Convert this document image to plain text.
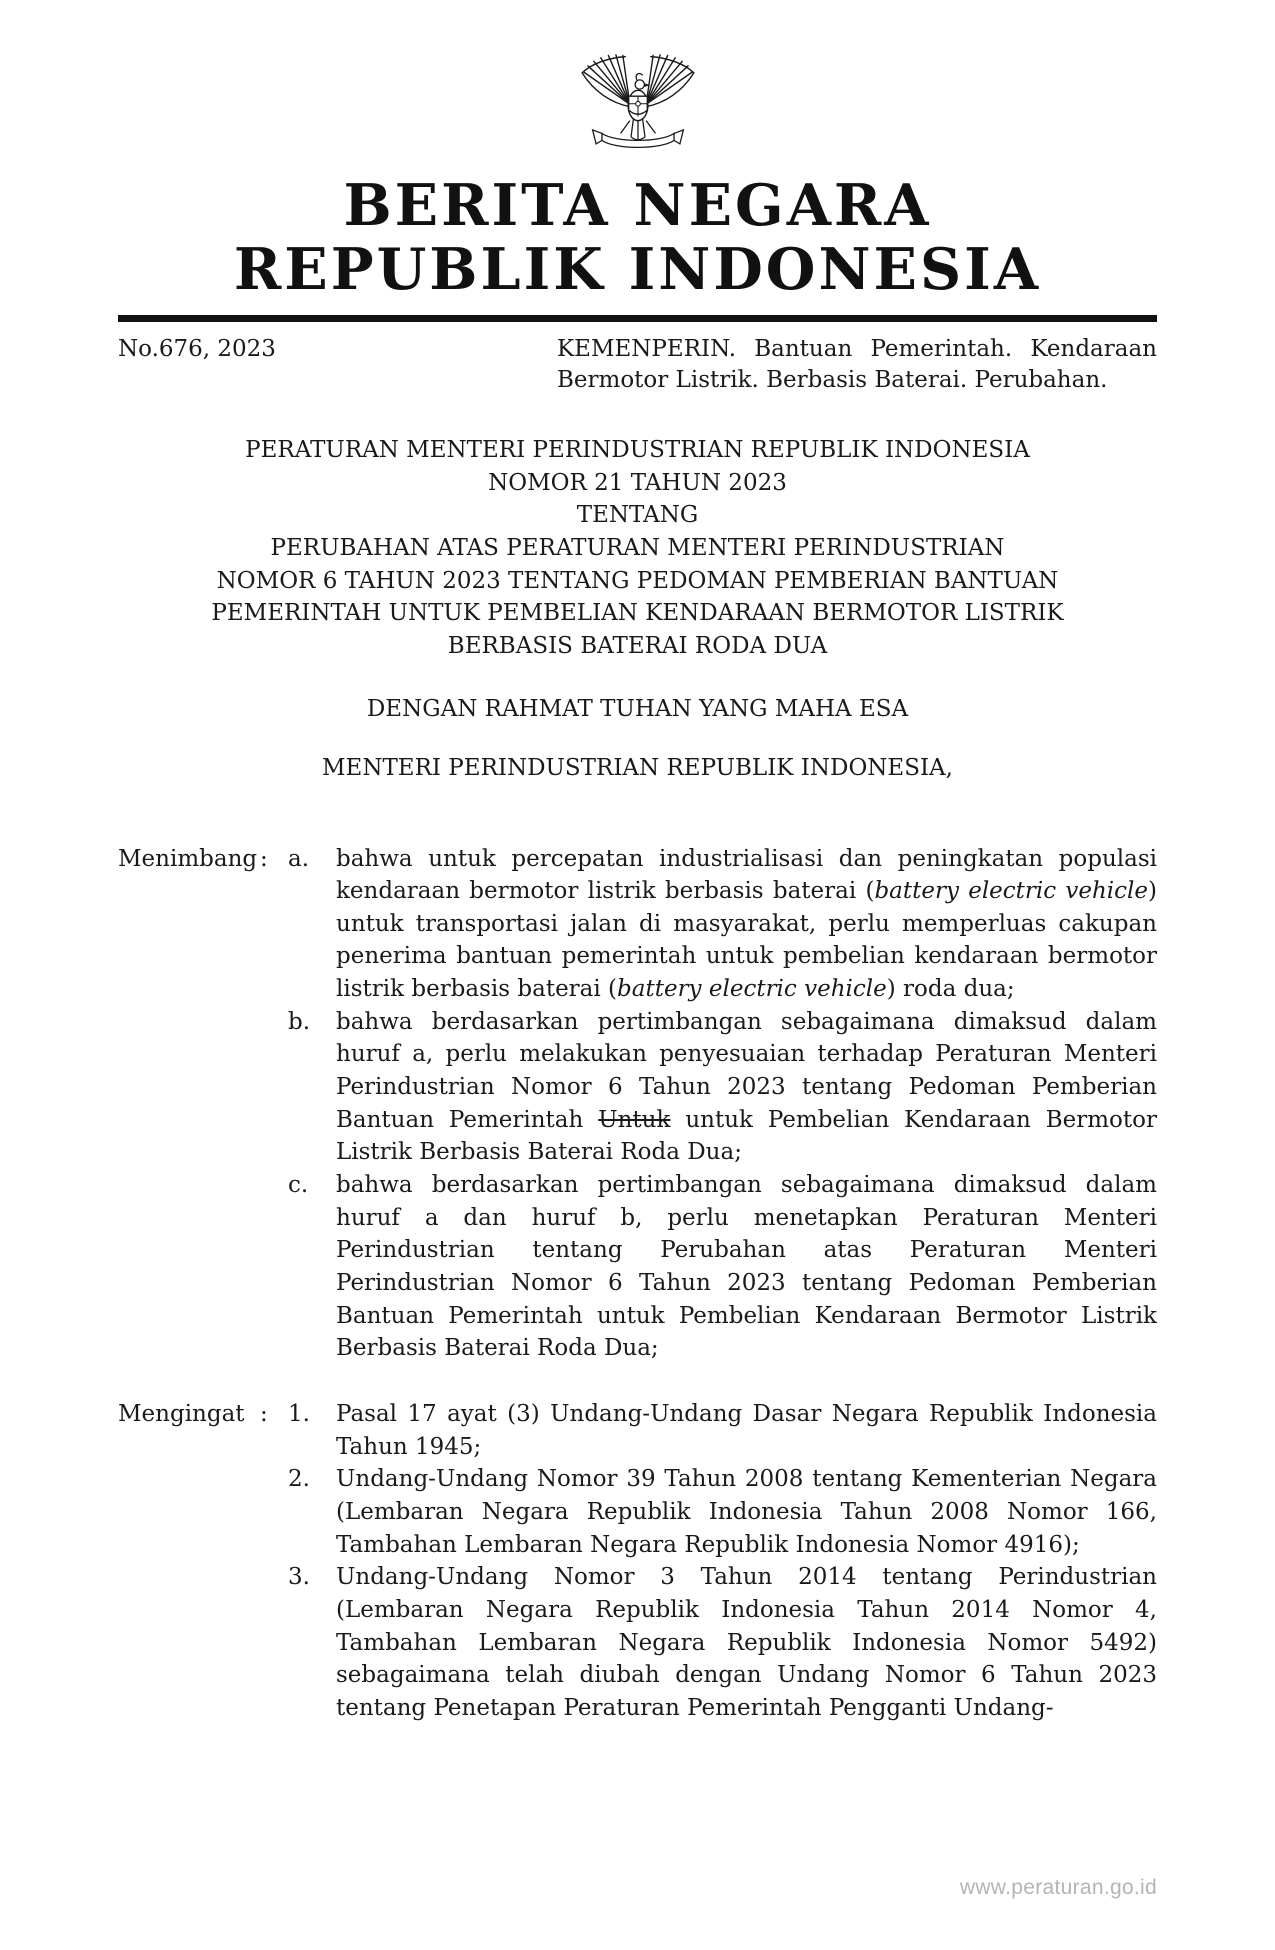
BERITA NEGARA
REPUBLIK INDONESIA
No.676, 2023	KEMENPERIN. Bantuan Pemerintah. Kendaraan Bermotor Listrik. Berbasis Baterai. Perubahan.
PERATURAN MENTERI PERINDUSTRIAN REPUBLIK INDONESIA
NOMOR 21 TAHUN 2023
TENTANG
PERUBAHAN ATAS PERATURAN MENTERI PERINDUSTRIAN
NOMOR 6 TAHUN 2023 TENTANG PEDOMAN PEMBERIAN BANTUAN
PEMERINTAH UNTUK PEMBELIAN KENDARAAN BERMOTOR LISTRIK
BERBASIS BATERAI RODA DUA
DENGAN RAHMAT TUHAN YANG MAHA ESA
MENTERI PERINDUSTRIAN REPUBLIK INDONESIA,
Menimbang : a.	bahwa untuk percepatan industrialisasi dan peningkatan populasi kendaraan bermotor listrik berbasis baterai (battery electric vehicle) untuk transportasi jalan di masyarakat, perlu memperluas cakupan penerima bantuan pemerintah untuk pembelian kendaraan bermotor listrik berbasis baterai (battery electric vehicle) roda dua;
b.	bahwa berdasarkan pertimbangan sebagaimana dimaksud dalam huruf a, perlu melakukan penyesuaian terhadap Peraturan Menteri Perindustrian Nomor 6 Tahun 2023 tentang Pedoman Pemberian Bantuan Pemerintah Untuk untuk Pembelian Kendaraan Bermotor Listrik Berbasis Baterai Roda Dua;
c.	bahwa berdasarkan pertimbangan sebagaimana dimaksud dalam huruf a dan huruf b, perlu menetapkan Peraturan Menteri Perindustrian tentang Perubahan atas Peraturan Menteri Perindustrian Nomor 6 Tahun 2023 tentang Pedoman Pemberian Bantuan Pemerintah untuk Pembelian Kendaraan Bermotor Listrik Berbasis Baterai Roda Dua;
Mengingat : 1.	Pasal 17 ayat (3) Undang-Undang Dasar Negara Republik Indonesia Tahun 1945;
2.	Undang-Undang Nomor 39 Tahun 2008 tentang Kementerian Negara (Lembaran Negara Republik Indonesia Tahun 2008 Nomor 166, Tambahan Lembaran Negara Republik Indonesia Nomor 4916);
3.	Undang-Undang Nomor 3 Tahun 2014 tentang Perindustrian (Lembaran Negara Republik Indonesia Tahun 2014 Nomor 4, Tambahan Lembaran Negara Republik Indonesia Nomor 5492) sebagaimana telah diubah dengan Undang Nomor 6 Tahun 2023 tentang Penetapan Peraturan Pemerintah Pengganti Undang-
www.peraturan.go.id
